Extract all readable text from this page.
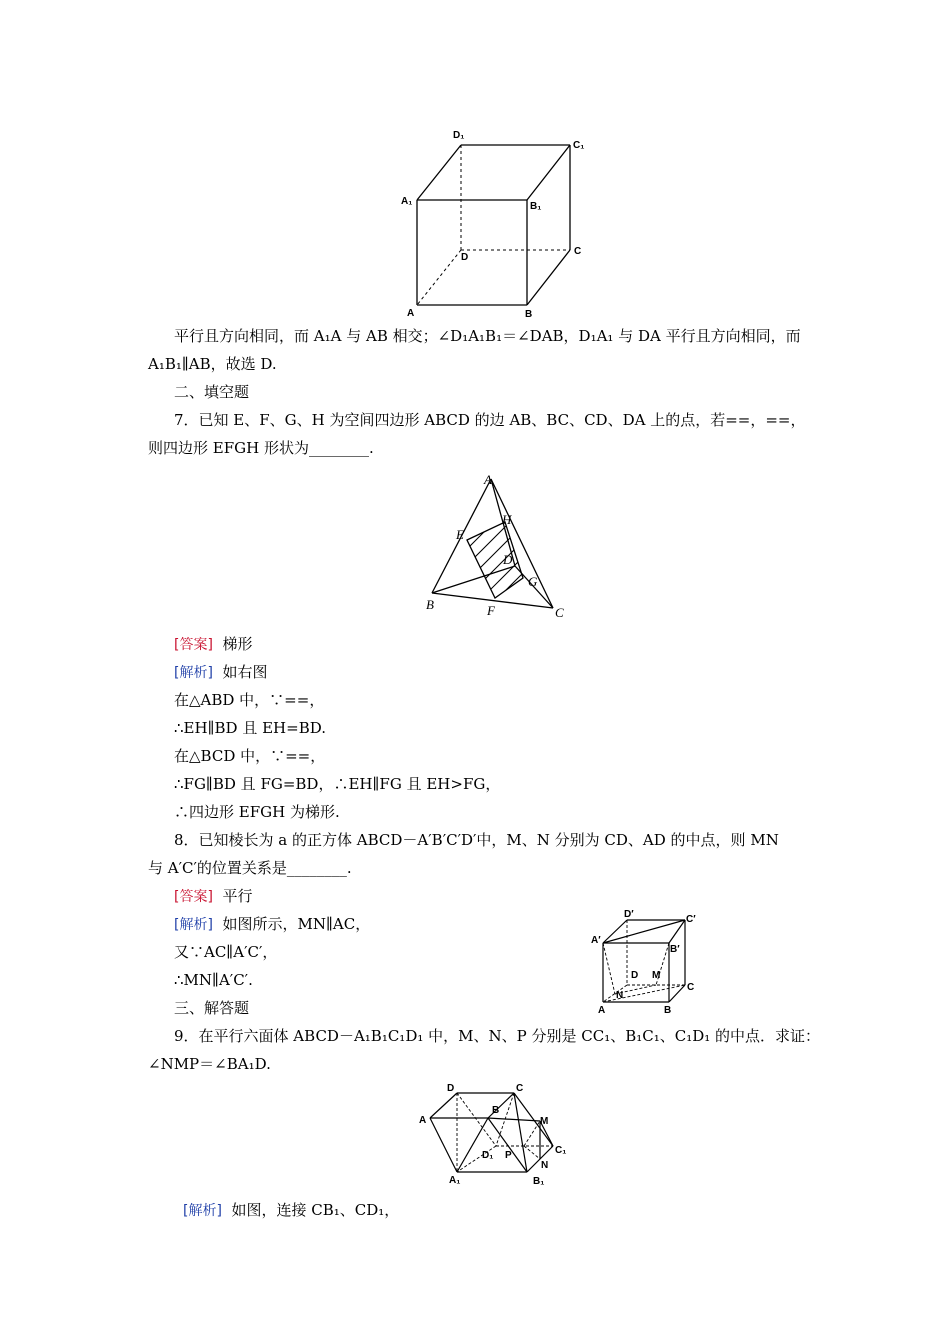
D₁
C₁
A₁	B₁
D
C
A	B
平行且方向相同，而 A₁A 与 AB 相交；∠D₁A₁B₁＝∠DAB，D₁A₁ 与 DA 平行且方向相同，而
A₁B₁∥AB，故选 D.
二、填空题
7．已知 E、F、G、H 为空间四边形 ABCD 的边 AB、BC、CD、DA 上的点，若==，==，
则四边形 EFGH 形状为________.
A
H
E
D
G
B	F	C
[答案] 梯形
[解析] 如右图
在△ABD 中，∵==，
∴EH∥BD 且 EH=BD.
在△BCD 中，∵==，
∴FG∥BD 且 FG=BD，∴EH∥FG 且 EH>FG，
∴四边形 EFGH 为梯形.
8．已知棱长为 a 的正方体 ABCD－A′B′C′D′中，M、N 分别为 CD、AD 的中点，则 MN
与 A′C′的位置关系是________.
[答案] 平行
[解析] 如图所示，MN∥AC，
又∵AC∥A′C′，
∴MN∥A′C′.
D′	C′
A′
B′
D M
C
N
A	B
三、解答题
9．在平行六面体 ABCD－A₁B₁C₁D₁ 中，M、N、P 分别是 CC₁、B₁C₁、C₁D₁ 的中点．求证：
∠NMP＝∠BA₁D.
D	C
A
B
M
C₁
D₁ P
N
A₁	B₁
[解析] 如图，连接 CB₁、CD₁，
